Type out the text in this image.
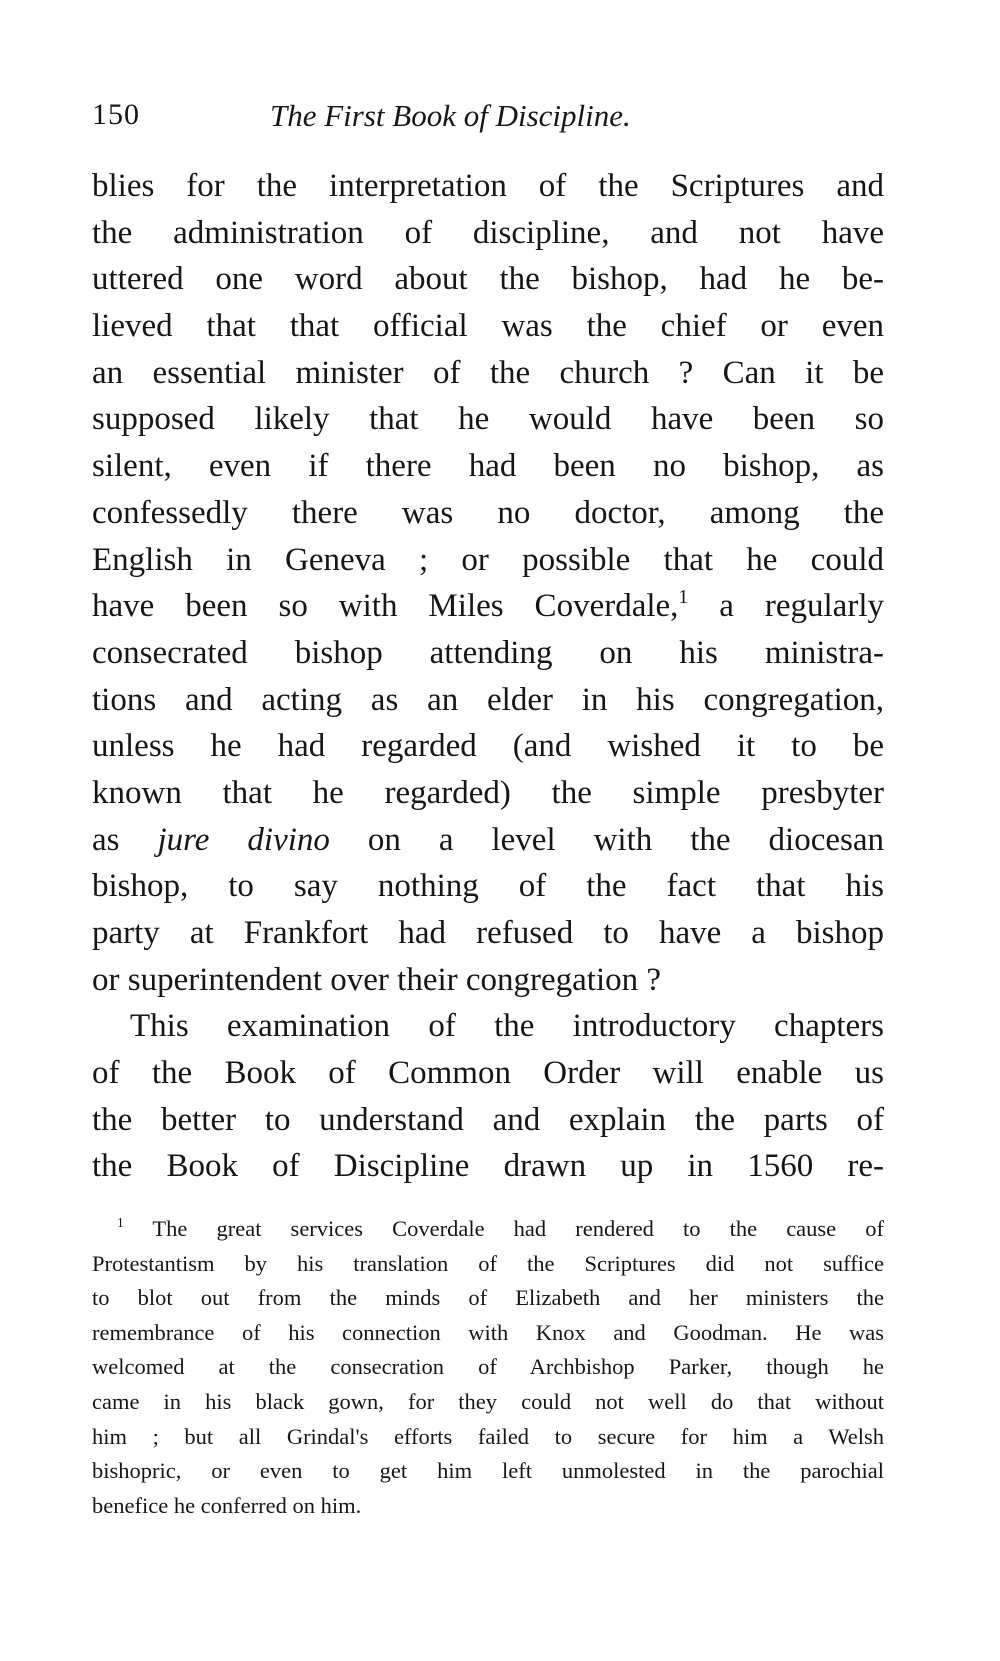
150	The First Book of Discipline.
blies for the interpretation of the Scriptures and
the administration of discipline, and not have
uttered one word about the bishop, had he be-
lieved that that official was the chief or even
an essential minister of the church ? Can it be
supposed likely that he would have been so
silent, even if there had been no bishop, as
confessedly there was no doctor, among the
English in Geneva ; or possible that he could
have been so with Miles Coverdale,$^1$ a regularly
consecrated bishop attending on his ministra-
tions and acting as an elder in his congregation,
unless he had regarded (and wished it to be
known that he regarded) the simple presbyter
as jure divino on a level with the diocesan
bishop, to say nothing of the fact that his
party at Frankfort had refused to have a bishop
or superintendent over their congregation ?
This examination of the introductory chapters
of the Book of Common Order will enable us
the better to understand and explain the parts of
the Book of Discipline drawn up in 1560 re-
$^1$ The great services Coverdale had rendered to the cause of
Protestantism by his translation of the Scriptures did not suffice
to blot out from the minds of Elizabeth and her ministers the
remembrance of his connection with Knox and Goodman. He was
welcomed at the consecration of Archbishop Parker, though he
came in his black gown, for they could not well do that without
him ; but all Grindal's efforts failed to secure for him a Welsh
bishopric, or even to get him left unmolested in the parochial
benefice he conferred on him.
